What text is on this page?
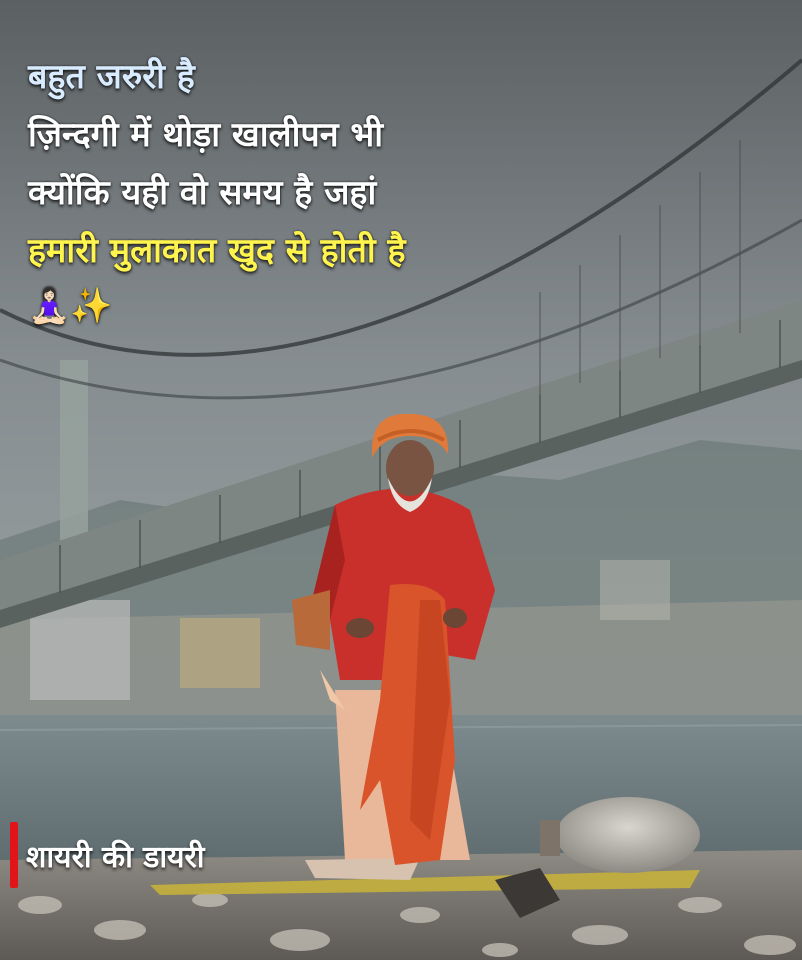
बहुत जरुरी है
ज़िन्दगी में थोड़ा खालीपन भी
क्योंकि यही वो समय है जहां
हमारी मुलाकात खुद से होती है
🧘🏻‍♀️✨
शायरी की डायरी
